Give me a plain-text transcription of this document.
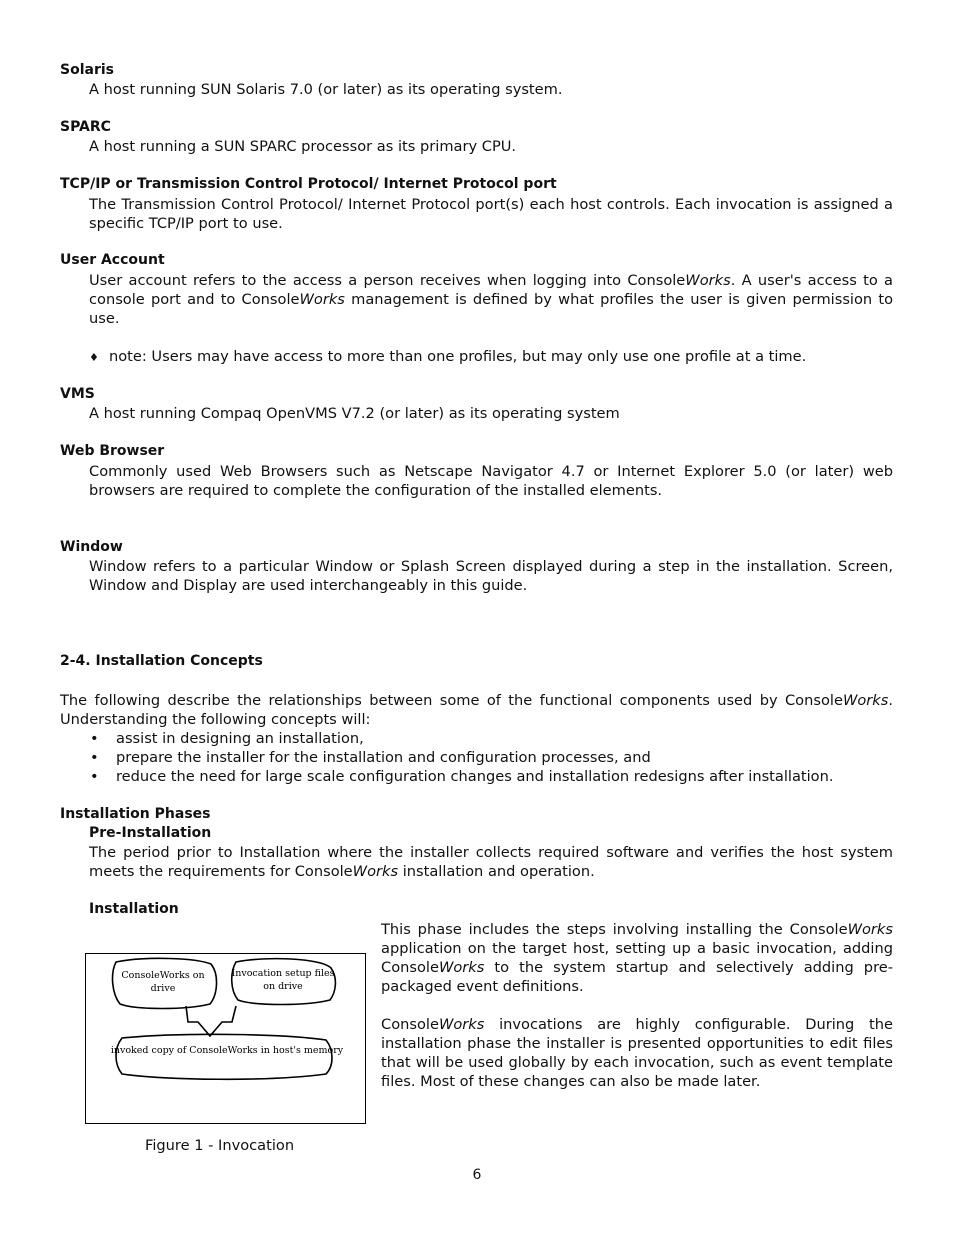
Solaris
A host running SUN Solaris 7.0 (or later) as its operating system.
SPARC
A host running a SUN SPARC processor as its primary CPU.
TCP/IP or Transmission Control Protocol/ Internet Protocol port
The Transmission Control Protocol/ Internet Protocol port(s) each host controls. Each invocation is assigned a specific TCP/IP port to use.
User Account
User account refers to the access a person receives when logging into ConsoleWorks. A user's access to a console port and to ConsoleWorks management is defined by what profiles the user is given permission to use.
♦ note: Users may have access to more than one profiles, but may only use one profile at a time.
VMS
A host running Compaq OpenVMS V7.2 (or later) as its operating system
Web Browser
Commonly used Web Browsers such as Netscape Navigator 4.7 or Internet Explorer 5.0 (or later) web browsers are required to complete the configuration of the installed elements.
Window
Window refers to a particular Window or Splash Screen displayed during a step in the installation. Screen, Window and Display are used interchangeably in this guide.
2-4. Installation Concepts
The following describe the relationships between some of the functional components used by ConsoleWorks. Understanding the following concepts will:
• assist in designing an installation,
• prepare the installer for the installation and configuration processes, and
• reduce the need for large scale configuration changes and installation redesigns after installation.
Installation Phases
Pre-Installation
The period prior to Installation where the installer collects required software and verifies the host system meets the requirements for ConsoleWorks installation and operation.
Installation
This phase includes the steps involving installing the ConsoleWorks application on the target host, setting up a basic invocation, adding ConsoleWorks to the system startup and selectively adding pre-packaged event definitions.
ConsoleWorks invocations are highly configurable. During the installation phase the installer is presented opportunities to edit files that will be used globally by each invocation, such as event template files. Most of these changes can also be made later.
ConsoleWorks on
drive
Invocation setup files
on drive
invoked copy of ConsoleWorks in host's memory
Figure 1 - Invocation
6
